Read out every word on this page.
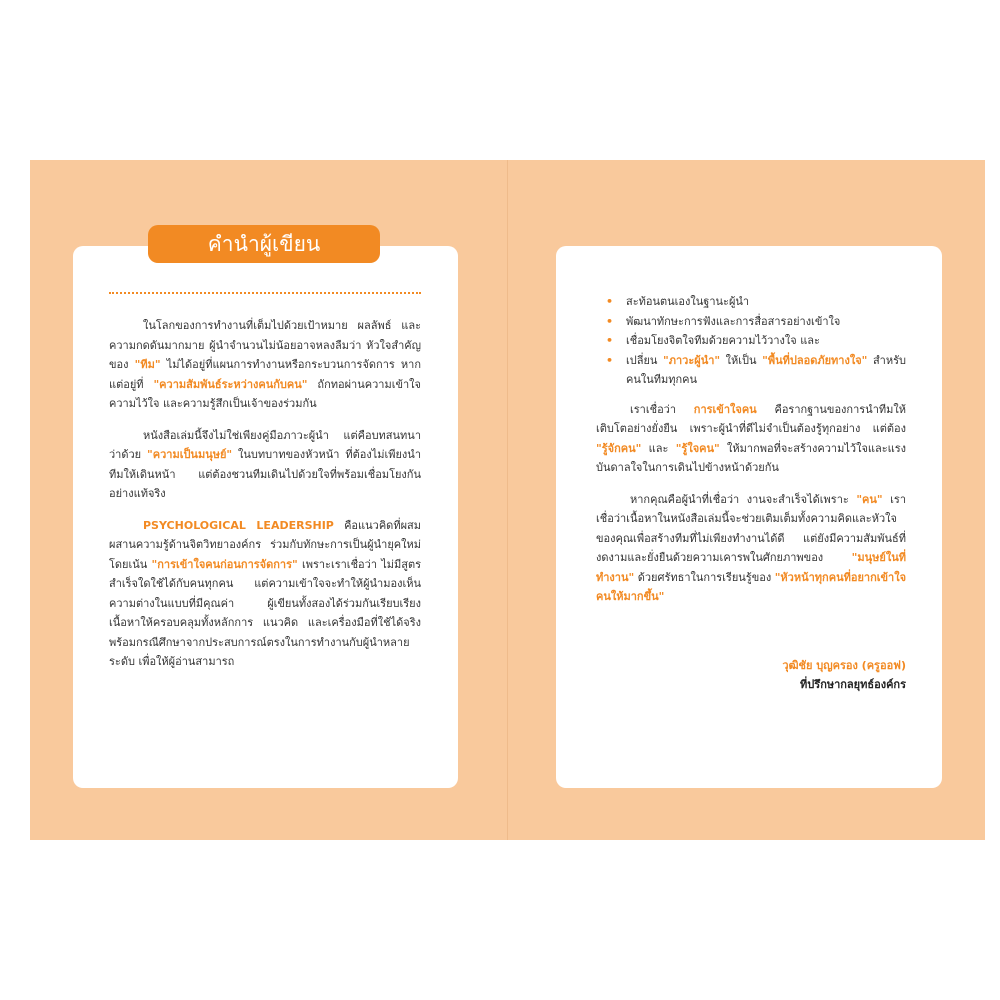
ในโลกของการทำงานที่เต็มไปด้วยเป้าหมาย ผลลัพธ์ และความกดดันมากมาย ผู้นำจำนวนไม่น้อยอาจหลงลืมว่า หัวใจสำคัญของ "ทีม" ไม่ได้อยู่ที่แผนการทำงานหรือกระบวนการจัดการ หากแต่อยู่ที่ "ความสัมพันธ์ระหว่างคนกับคน" ถักทอผ่านความเข้าใจ ความไว้ใจ และความรู้สึกเป็นเจ้าของร่วมกัน

หนังสือเล่มนี้จึงไม่ใช่เพียงคู่มือภาวะผู้นำ แต่คือบทสนทนาว่าด้วย "ความเป็นมนุษย์" ในบทบาทของหัวหน้า ที่ต้องไม่เพียงนำทีมให้เดินหน้า แต่ต้องชวนทีมเดินไปด้วยใจที่พร้อมเชื่อมโยงกันอย่างแท้จริง

PSYCHOLOGICAL LEADERSHIP คือแนวคิดที่ผสมผสานความรู้ด้านจิตวิทยาองค์กร ร่วมกับทักษะการเป็นผู้นำยุคใหม่ โดยเน้น "การเข้าใจคนก่อนการจัดการ" เพราะเราเชื่อว่า ไม่มีสูตรสำเร็จใดใช้ได้กับคนทุกคน แต่ความเข้าใจจะทำให้ผู้นำมองเห็นความต่างในแบบที่มีคุณค่า ผู้เขียนทั้งสองได้ร่วมกันเรียบเรียงเนื้อหาให้ครอบคลุมทั้งหลักการ แนวคิด และเครื่องมือที่ใช้ได้จริง พร้อมกรณีศึกษาจากประสบการณ์ตรงในการทำงานกับผู้นำหลายระดับ เพื่อให้ผู้อ่านสามารถ

คำนำผู้เขียน
• สะท้อนตนเองในฐานะผู้นำ
• พัฒนาทักษะการฟังและการสื่อสารอย่างเข้าใจ
• เชื่อมโยงจิตใจทีมด้วยความไว้วางใจ และ
• เปลี่ยน "ภาวะผู้นำ" ให้เป็น "พื้นที่ปลอดภัยทางใจ" สำหรับคนในทีมทุกคน

เราเชื่อว่า การเข้าใจคน คือรากฐานของการนำทีมให้เติบโตอย่างยั่งยืน เพราะผู้นำที่ดีไม่จำเป็นต้องรู้ทุกอย่าง แต่ต้อง "รู้จักคน" และ "รู้ใจคน" ให้มากพอที่จะสร้างความไว้ใจและแรงบันดาลใจในการเดินไปข้างหน้าด้วยกัน

หากคุณคือผู้นำที่เชื่อว่า งานจะสำเร็จได้เพราะ "คน" เราเชื่อว่าเนื้อหาในหนังสือเล่มนี้จะช่วยเติมเต็มทั้งความคิดและหัวใจของคุณเพื่อสร้างทีมที่ไม่เพียงทำงานได้ดี แต่ยังมีความสัมพันธ์ที่งดงามและยั่งยืนด้วยความเคารพในศักยภาพของ "มนุษย์ในที่ทำงาน" ด้วยศรัทธาในการเรียนรู้ของ "หัวหน้าทุกคนที่อยากเข้าใจคนให้มากขึ้น"

วุฒิชัย บุญครอง (ครูออฟ)
ที่ปรึกษากลยุทธ์องค์กร
